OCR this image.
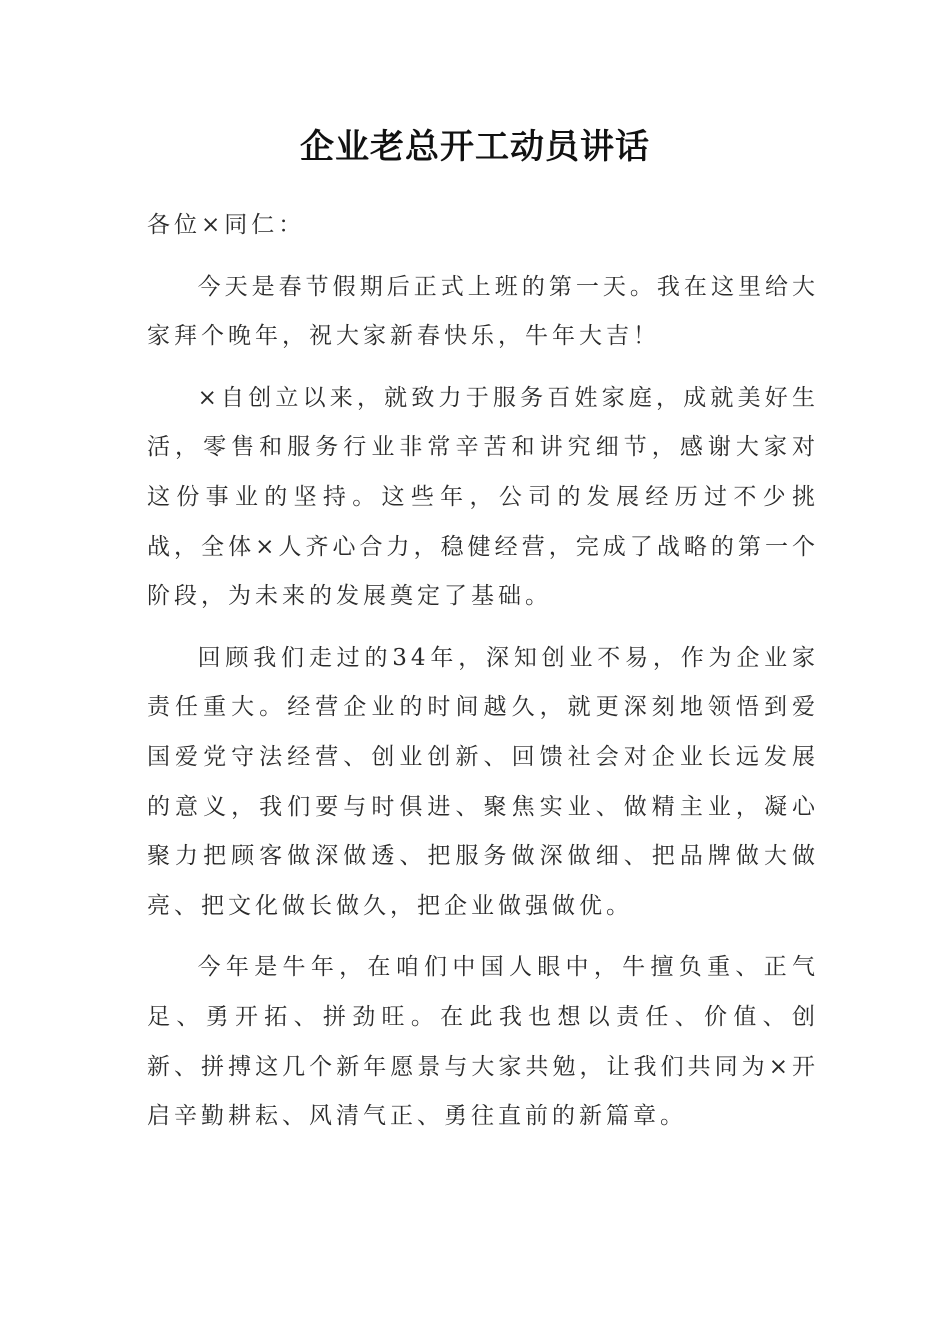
企业老总开工动员讲话

各位×同仁：

今天是春节假期后正式上班的第一天。我在这里给大家拜个晚年，祝大家新春快乐，牛年大吉！

×自创立以来，就致力于服务百姓家庭，成就美好生活，零售和服务行业非常辛苦和讲究细节，感谢大家对这份事业的坚持。这些年，公司的发展经历过不少挑战，全体×人齐心合力，稳健经营，完成了战略的第一个阶段，为未来的发展奠定了基础。

回顾我们走过的34年，深知创业不易，作为企业家责任重大。经营企业的时间越久，就更深刻地领悟到爱国爱党守法经营、创业创新、回馈社会对企业长远发展的意义，我们要与时俱进、聚焦实业、做精主业，凝心聚力把顾客做深做透、把服务做深做细、把品牌做大做亮、把文化做长做久，把企业做强做优。

今年是牛年，在咱们中国人眼中，牛擅负重、正气足、勇开拓、拼劲旺。在此我也想以责任、价值、创新、拼搏这几个新年愿景与大家共勉，让我们共同为×开启辛勤耕耘、风清气正、勇往直前的新篇章。
